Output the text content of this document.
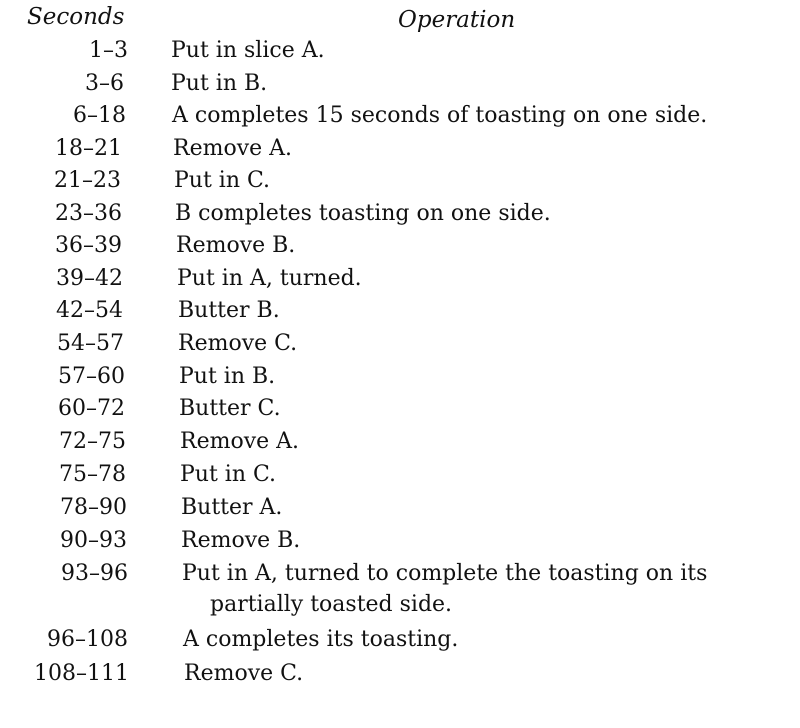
Seconds	Operation
1–3 Put in slice A.
3–6 Put in B.
6–18 A completes 15 seconds of toasting on one side.
18–21 Remove A.
21–23 Put in C.
23–36 B completes toasting on one side.
36–39 Remove B.
39–42 Put in A, turned.
42–54	Butter B.
54–57 Remove C.
57–60 Put in B.
60–72 Butter C.
72–75 Remove A.
75–78 Put in C.
78–90 Butter A.
90–93 Remove B.
93–96 Put in A, turned to complete the toasting on its
partially toasted side.
96–108	A completes its toasting.
108–111	Remove C.
